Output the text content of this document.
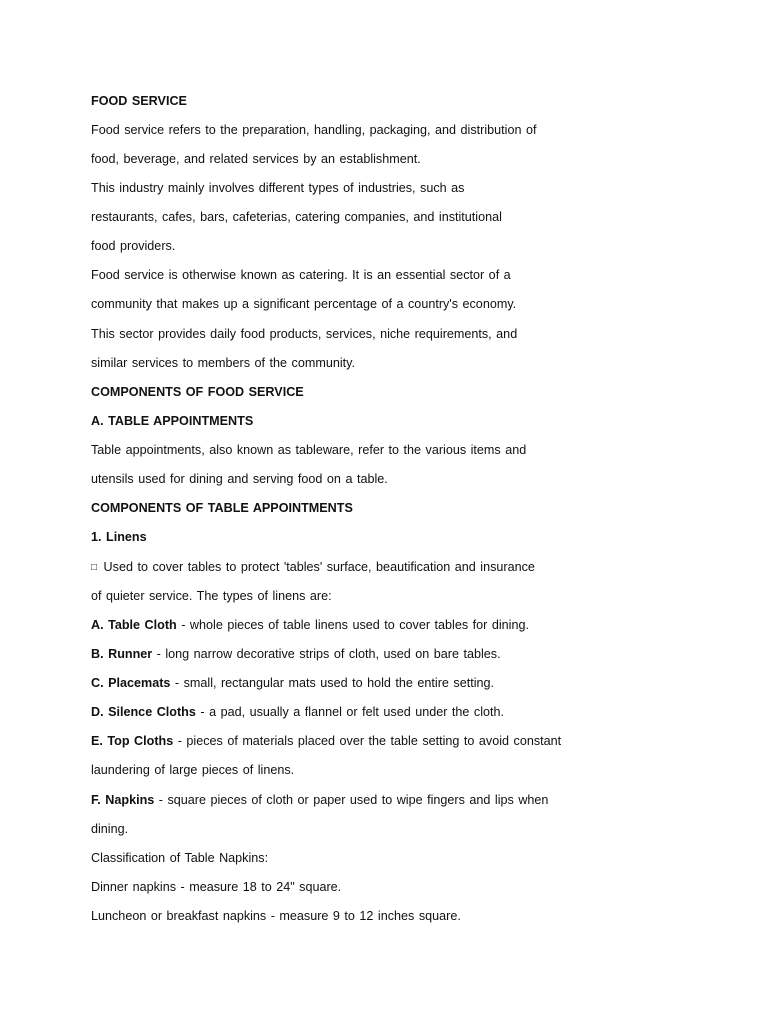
FOOD SERVICE
Food service refers to the preparation, handling, packaging, and distribution of
food, beverage, and related services by an establishment.
This industry mainly involves different types of industries, such as
restaurants, cafes, bars, cafeterias, catering companies, and institutional
food providers.
Food service is otherwise known as catering. It is an essential sector of a
community that makes up a significant percentage of a country's economy.
This sector provides daily food products, services, niche requirements, and
similar services to members of the community.
COMPONENTS OF FOOD SERVICE
A. TABLE APPOINTMENTS
Table appointments, also known as tableware, refer to the various items and
utensils used for dining and serving food on a table.
COMPONENTS OF TABLE APPOINTMENTS
1. Linens
□ Used to cover tables to protect 'tables' surface, beautification and insurance
of quieter service. The types of linens are:
A. Table Cloth - whole pieces of table linens used to cover tables for dining.
B. Runner - long narrow decorative strips of cloth, used on bare tables.
C. Placemats - small, rectangular mats used to hold the entire setting.
D. Silence Cloths - a pad, usually a flannel or felt used under the cloth.
E. Top Cloths - pieces of materials placed over the table setting to avoid constant
laundering of large pieces of linens.
F. Napkins - square pieces of cloth or paper used to wipe fingers and lips when
dining.
Classification of Table Napkins:
Dinner napkins - measure 18 to 24" square.
Luncheon or breakfast napkins - measure 9 to 12 inches square.
